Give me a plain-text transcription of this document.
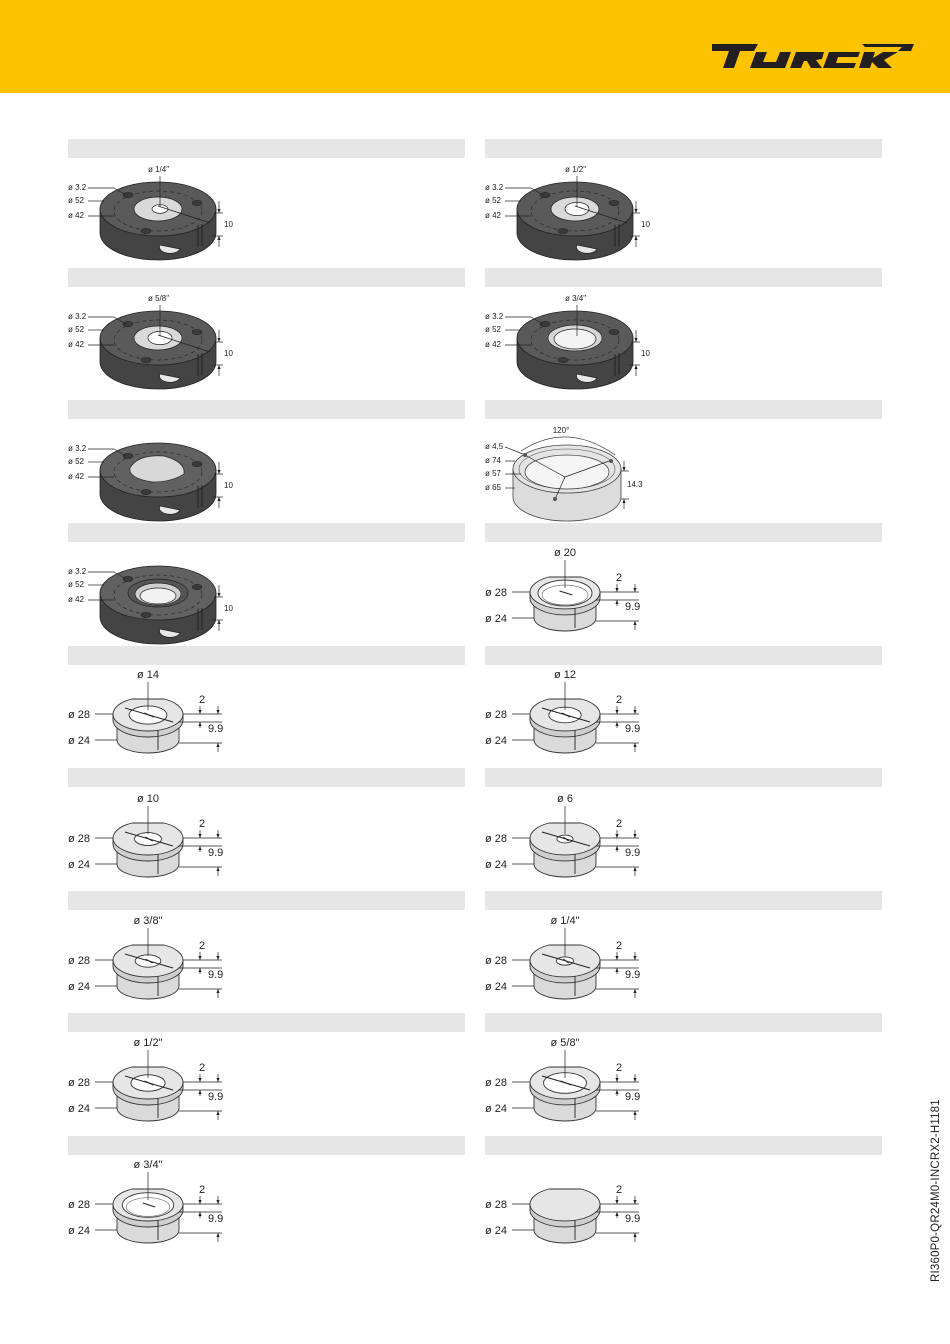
ø 1/4"
ø 3.2
ø 52
ø 42
10
ø 1/2"
ø 3.2
ø 52
ø 42
10
ø 5/8"
ø 3.2
ø 52
ø 42
10
ø 3/4"
ø 3.2
ø 52
ø 42
10
ø 3.2
ø 52
ø 42
10
ø 3.2
ø 52
ø 42
10
120°
ø 4.5
ø 74
ø 57
ø 65	14.3
ø 20
ø 28
ø 24
2
9.9
ø 14
ø 28
ø 24
2
9.9
ø 12
ø 28
ø 24
2
9.9
ø 10
ø 28
ø 24
2
9.9
ø 6
ø 28
ø 24
2
9.9
ø 3/8"
ø 28
ø 24
2
9.9
ø 1/4"
ø 28
ø 24
2
9.9
ø 1/2"
ø 28
ø 24
2
9.9
ø 5/8"
ø 28
ø 24
2
9.9
ø 3/4"
ø 28
ø 24
2
9.9
ø 28
ø 24
2
9.9	RI360P0-QR24M0-INCRX2-H1181
